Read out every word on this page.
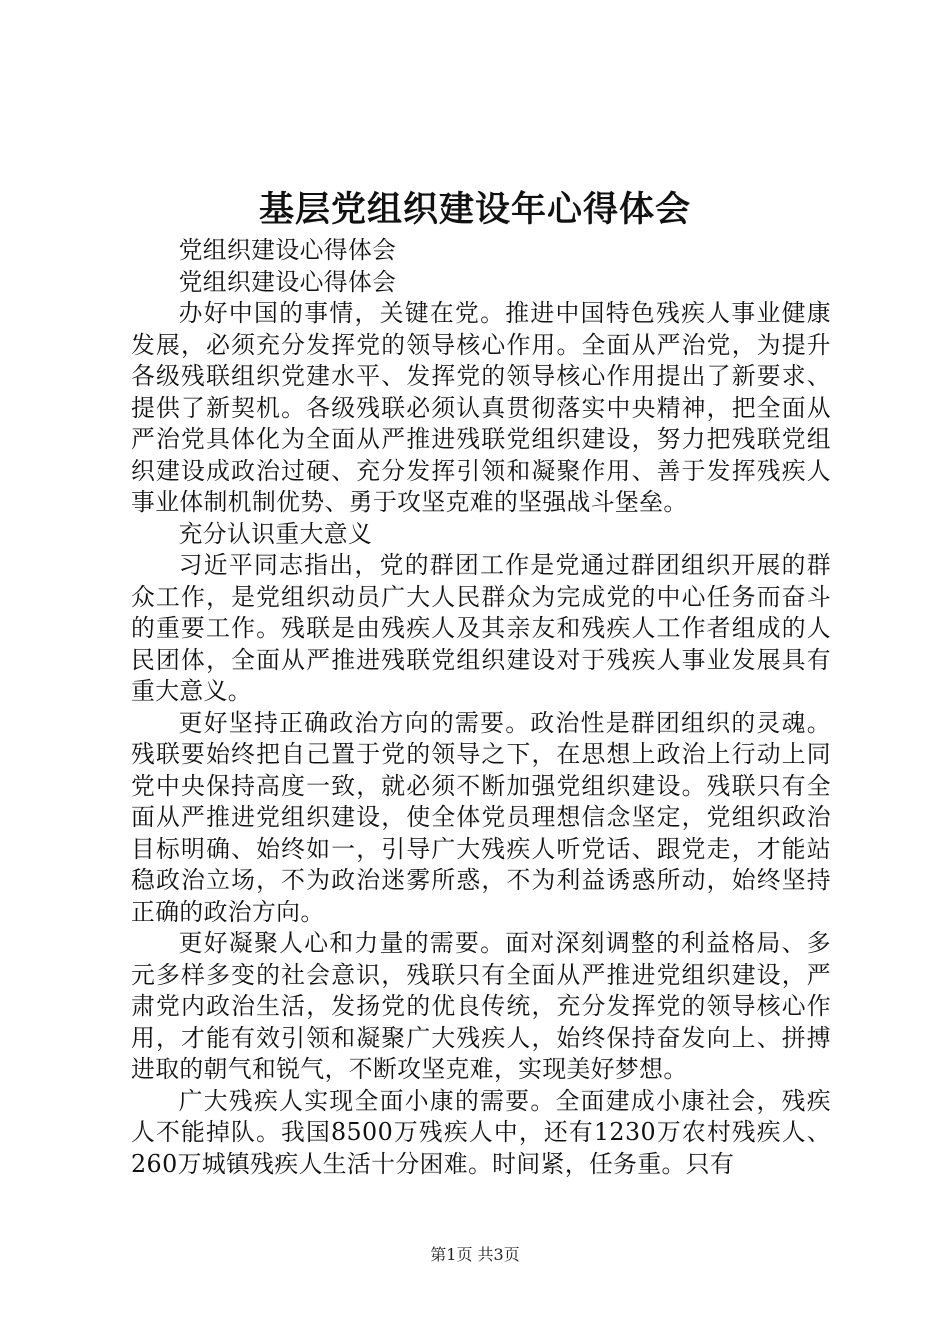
基层党组织建设年心得体会

党组织建设心得体会

党组织建设心得体会

办好中国的事情，关键在党。推进中国特色残疾人事业健康发展，必须充分发挥党的领导核心作用。全面从严治党，为提升各级残联组织党建水平、发挥党的领导核心作用提出了新要求、提供了新契机。各级残联必须认真贯彻落实中央精神，把全面从严治党具体化为全面从严推进残联党组织建设，努力把残联党组织建设成政治过硬、充分发挥引领和凝聚作用、善于发挥残疾人事业体制机制优势、勇于攻坚克难的坚强战斗堡垒。

充分认识重大意义

习近平同志指出，党的群团工作是党通过群团组织开展的群众工作，是党组织动员广大人民群众为完成党的中心任务而奋斗的重要工作。残联是由残疾人及其亲友和残疾人工作者组成的人民团体，全面从严推进残联党组织建设对于残疾人事业发展具有重大意义。

更好坚持正确政治方向的需要。政治性是群团组织的灵魂。残联要始终把自己置于党的领导之下，在思想上政治上行动上同党中央保持高度一致，就必须不断加强党组织建设。残联只有全面从严推进党组织建设，使全体党员理想信念坚定，党组织政治目标明确、始终如一，引导广大残疾人听党话、跟党走，才能站稳政治立场，不为政治迷雾所惑，不为利益诱惑所动，始终坚持正确的政治方向。

更好凝聚人心和力量的需要。面对深刻调整的利益格局、多元多样多变的社会意识，残联只有全面从严推进党组织建设，严肃党内政治生活，发扬党的优良传统，充分发挥党的领导核心作用，才能有效引领和凝聚广大残疾人，始终保持奋发向上、拼搏进取的朝气和锐气，不断攻坚克难，实现美好梦想。

广大残疾人实现全面小康的需要。全面建成小康社会，残疾人不能掉队。我国8500万残疾人中，还有1230万农村残疾人、260万城镇残疾人生活十分困难。时间紧，任务重。只有

第1页 共3页
